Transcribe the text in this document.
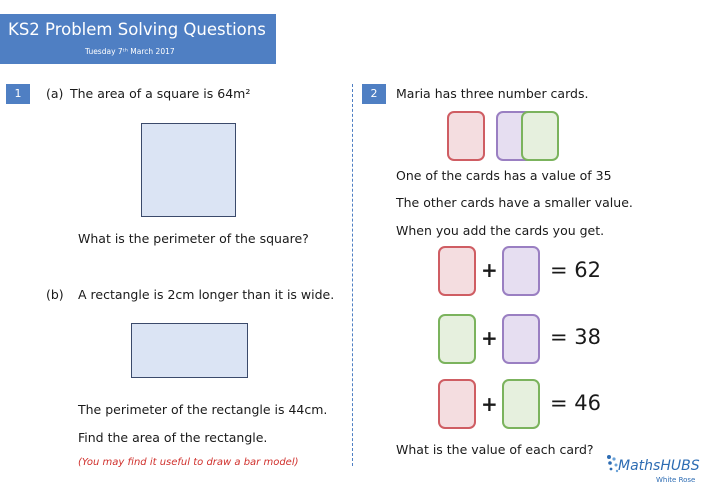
KS2 Problem Solving Questions
Tuesday 7ᵗʰ March 2017
1	(a) The area of a square is 64m²
What is the perimeter of the square?
(b) A rectangle is 2cm longer than it is wide.
The perimeter of the rectangle is 44cm.
Find the area of the rectangle.
(You may find it useful to draw a bar model)
2	Maria has three number cards.
One of the cards has a value of 35
The other cards have a smaller value.
When you add the cards you get.
+ = 62
+ = 38
+ = 46
What is the value of each card?
MathsHUBS
White Rose
